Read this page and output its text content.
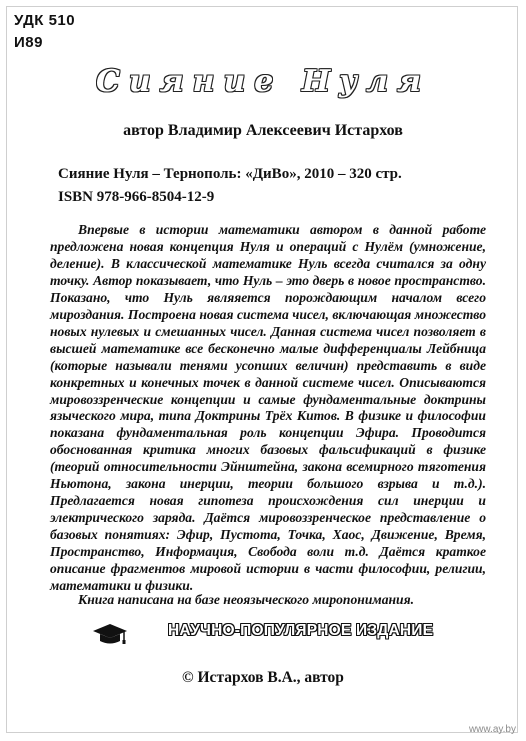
УДК 510
И89
Сияние Нуля
автор Владимир Алексеевич Истархов
Сияние Нуля – Тернополь: «ДиВо», 2010 – 320 стр.
ISBN 978-966-8504-12-9

Впервые в истории математики автором в данной работе предложена новая концепция Нуля и операций с Нулём (умножение, деление). В классической математике Нуль всегда считался за одну точку. Автор показывает, что Нуль – это дверь в новое пространство. Показано, что Нуль являяется порождающим началом всего мироздания. Построена новая система чисел, включающая множество новых нулевых и смешанных чисел. Данная система чисел позволяет в высшей математике все бесконечно малые дифференциалы Лейбница (которые называли тенями усопших величин) представить в виде конкретных и конечных точек в данной системе чисел. Описываются мировоззренческие концепции и самые фундаментальные доктрины языческого мира, типа Доктрины Трёх Китов. В физике и философии показана фундаментальная роль концепции Эфира. Проводится обоснованная критика многих базовых фальсификаций в физике (теорий относительности Эйнштейна, закона всемирного тяготения Ньютона, закона инерции, теории большого взрыва и т.д.). Предлагается новая гипотеза происхождения сил инерции и электрического заряда. Даётся мировоззренческое представление о базовых понятиях: Эфир, Пустота, Точка, Хаос, Движение, Время, Пространство, Информация, Свобода воли т.д. Даётся краткое описание фрагментов мировой истории в части философии, религии, математики и физики.

Книга написана на базе неоязыческого миропонимания.
НАУЧНО-ПОПУЛЯРНОЕ ИЗДАНИЕ
© Истархов В.А., автор
www.ay.by
